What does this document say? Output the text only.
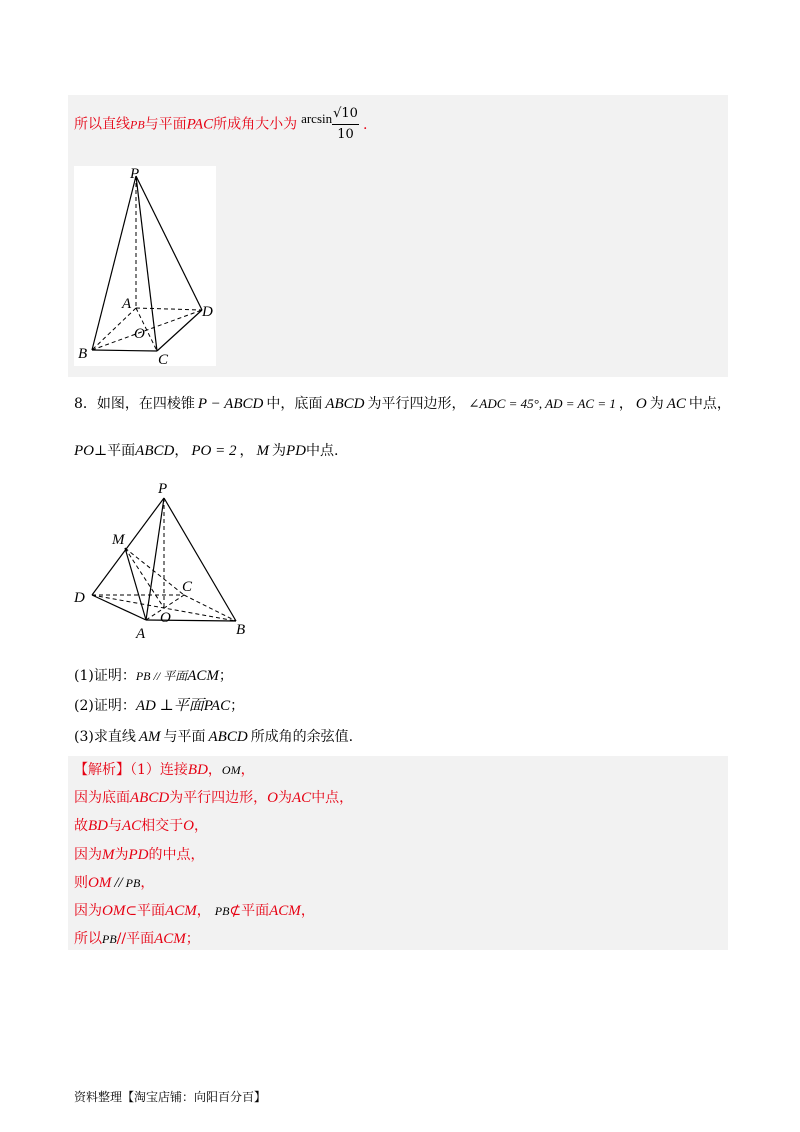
所以直线PB与平面PAC所成角大小为 $\arcsin \frac{√10}{10}$ .
P
A	D
O
B	C
8．如图，在四棱锥 P − ABCD 中，底面 ABCD 为平行四边形， ∠ADC = 45°, AD = AC = 1 ， O 为 AC 中点，
PO⊥平面ABCD， PO = 2 ， M 为PD中点.
P
M
C
D
O
A	B
(1)证明：PB // 平面ACM；
(2)证明：AD ⊥平面PAC；
(3)求直线 AM 与平面 ABCD 所成角的余弦值.
【解析】（1）连接BD，OM，
因为底面ABCD为平行四边形，O为AC中点，
故BD与AC相交于O，
因为M为PD的中点，
则OM // PB，
因为OM⊂平面ACM， PB⊄平面ACM，
所以PB//平面ACM；
资料整理【淘宝店铺：向阳百分百】
